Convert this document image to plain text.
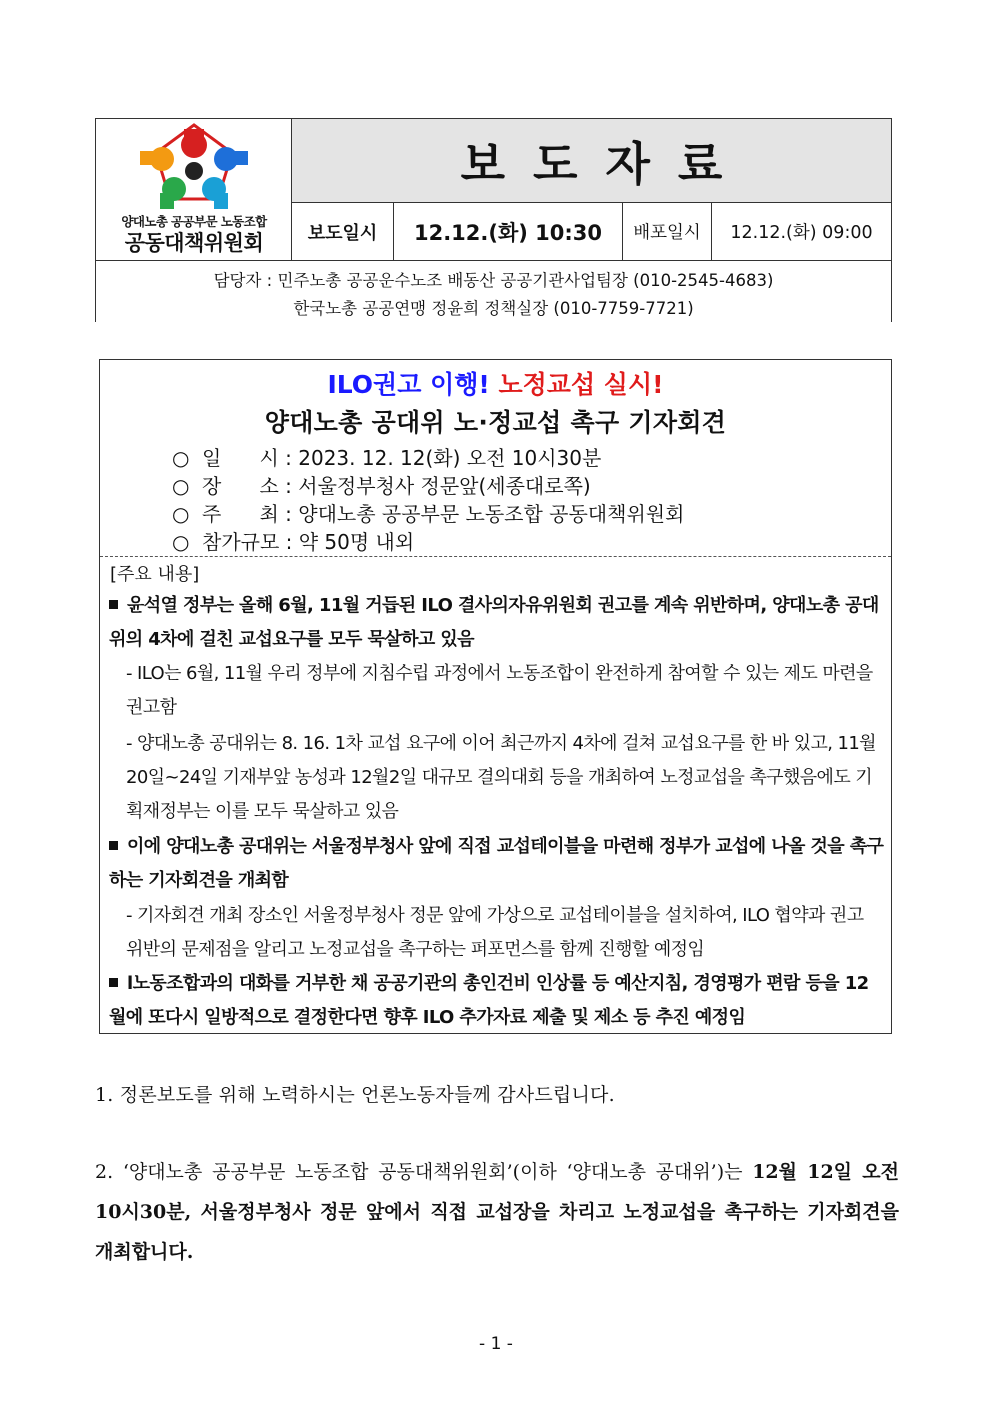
양대노총 공공부문 노동조합
공동대책위원회
보도자료
보도일시	12.12.(화) 10:30	배포일시	12.12.(화) 09:00
담당자 : 민주노총 공공운수노조 배동산 공공기관사업팀장 (010-2545-4683)
한국노총 공공연맹 정윤희 정책실장 (010-7759-7721)
ILO권고 이행! 노정교섭 실시!
양대노총 공대위 노·정교섭 촉구 기자회견
○ 일      시 : 2023. 12. 12(화) 오전 10시30분
○ 장      소 : 서울정부청사 정문앞(세종대로쪽)
○ 주      최 : 양대노총 공공부문 노동조합 공동대책위원회
○ 참가규모 : 약 50명 내외
[주요 내용]
윤석열 정부는 올해 6월, 11월 거듭된 ILO 결사의자유위원회 권고를 계속 위반하며, 양대노총 공대위의 4차에 걸친 교섭요구를 모두 묵살하고 있음
- ILO는 6월, 11월 우리 정부에 지침수립 과정에서 노동조합이 완전하게 참여할 수 있는 제도 마련을 권고함
- 양대노총 공대위는 8. 16. 1차 교섭 요구에 이어 최근까지 4차에 걸쳐 교섭요구를 한 바 있고, 11월 20일~24일 기재부앞 농성과 12월2일 대규모 결의대회 등을 개최하여 노정교섭을 촉구했음에도 기획재정부는 이를 모두 묵살하고 있음
이에 양대노총 공대위는 서울정부청사 앞에 직접 교섭테이블을 마련해 정부가 교섭에 나올 것을 촉구하는 기자회견을 개최함
- 기자회견 개최 장소인 서울정부청사 정문 앞에 가상으로 교섭테이블을 설치하여, ILO 협약과 권고 위반의 문제점을 알리고 노정교섭을 촉구하는 퍼포먼스를 함께 진행할 예정임
l노동조합과의 대화를 거부한 채 공공기관의 총인건비 인상률 등 예산지침, 경영평가 편람 등을 12월에 또다시 일방적으로 결정한다면 향후 ILO 추가자료 제출 및 제소 등 추진 예정임
1. 정론보도를 위해 노력하시는 언론노동자들께 감사드립니다.
2. ‘양대노총 공공부문 노동조합 공동대책위원회’(이하 ‘양대노총 공대위’)는 12월 12일 오전 10시30분, 서울정부청사 정문 앞에서 직접 교섭장을 차리고 노정교섭을 촉구하는 기자회견을 개최합니다.
- 1 -
